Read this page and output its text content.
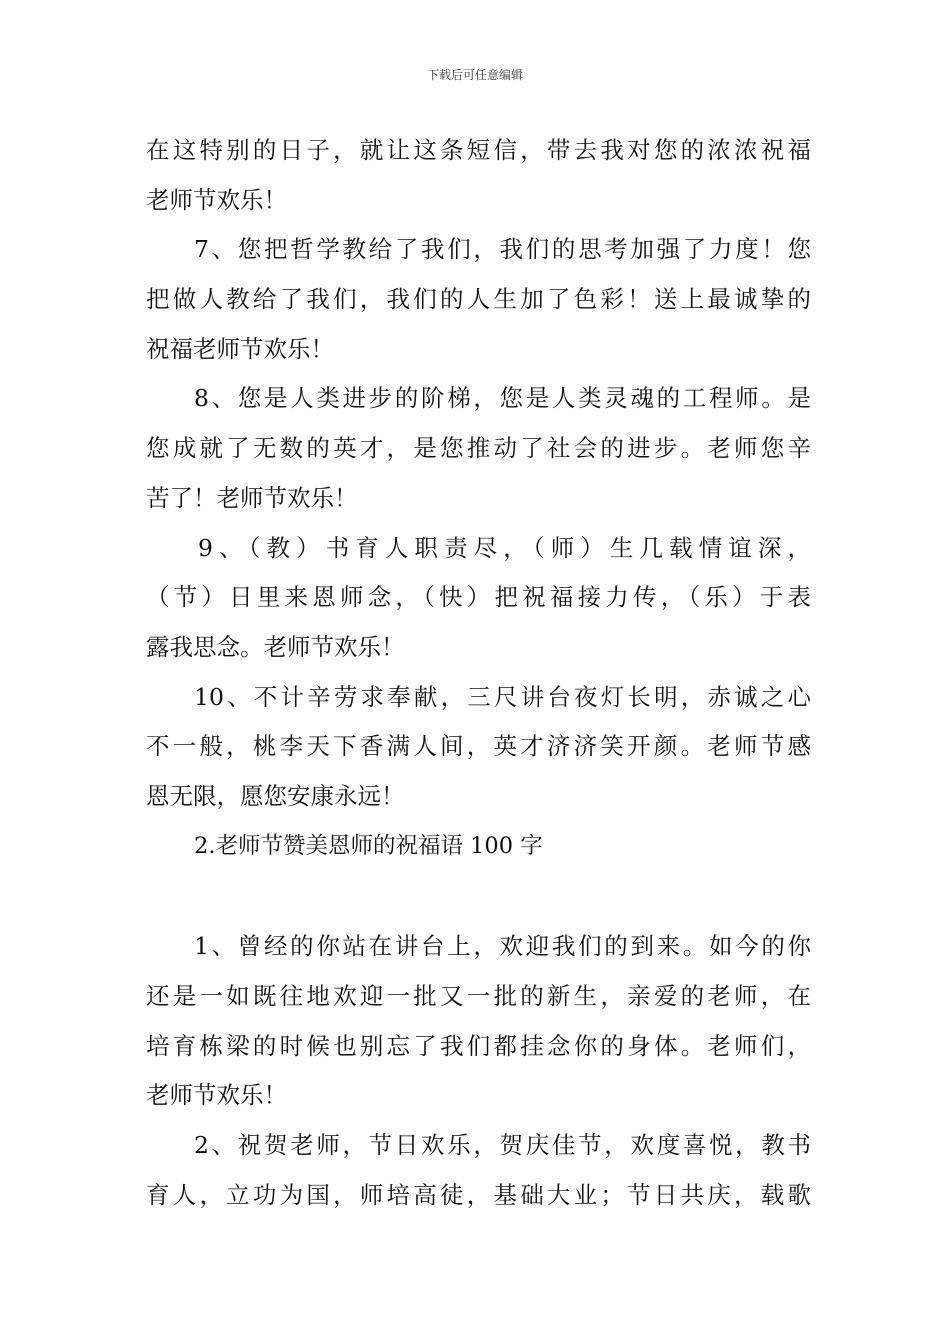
下载后可任意编辑
在这特别的日子，就让这条短信，带去我对您的浓浓祝福
老师节欢乐！
7、您把哲学教给了我们，我们的思考加强了力度！您
把做人教给了我们，我们的人生加了色彩！送上最诚挚的
祝福老师节欢乐！
8、您是人类进步的阶梯，您是人类灵魂的工程师。是
您成就了无数的英才，是您推动了社会的进步。老师您辛
苦了！老师节欢乐！
9、（教）书育人职责尽，（师）生几载情谊深，
（节）日里来恩师念，（快）把祝福接力传，（乐）于表
露我思念。老师节欢乐！
10、不计辛劳求奉献，三尺讲台夜灯长明，赤诚之心
不一般，桃李天下香满人间，英才济济笑开颜。老师节感
恩无限，愿您安康永远！
2.老师节赞美恩师的祝福语 100 字
1、曾经的你站在讲台上，欢迎我们的到来。如今的你
还是一如既往地欢迎一批又一批的新生，亲爱的老师，在
培育栋梁的时候也别忘了我们都挂念你的身体。老师们，
老师节欢乐！
2、祝贺老师，节日欢乐，贺庆佳节，欢度喜悦，教书
育人，立功为国，师培高徒，基础大业；节日共庆，载歌
